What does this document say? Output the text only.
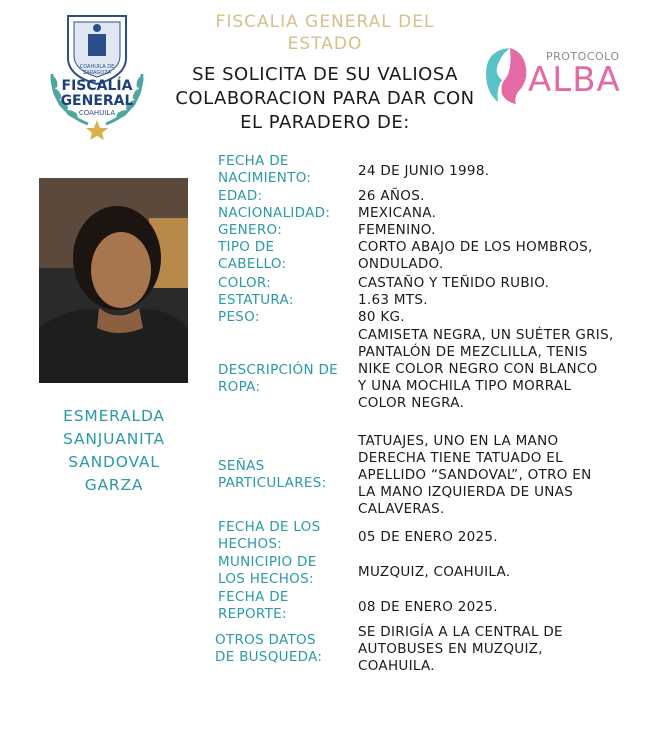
COAHUILA DE ZARAGOZA
FISCALÍA
GENERAL
COAHUILA
FISCALIA GENERAL DEL
ESTADO
SE SOLICITA DE SU VALIOSA
COLABORACION PARA DAR CON
EL PARADERO DE:
PROTOCOLO
ALBA
ESMERALDA
SANJUANITA
SANDOVAL
GARZA
FECHA DE
NACIMIENTO:
EDAD:
NACIONALIDAD:
GENERO:
TIPO DE
CABELLO:
COLOR:
ESTATURA:
PESO:
DESCRIPCIÓN DE
ROPA:
SEÑAS
PARTICULARES:
FECHA DE LOS
HECHOS:
MUNICIPIO DE
LOS HECHOS:
FECHA DE
REPORTE:
OTROS DATOS
DE BUSQUEDA:
24 DE JUNIO 1998.
26 AÑOS.
MEXICANA.
FEMENINO.
CORTO ABAJO DE LOS HOMBROS,
ONDULADO.
CASTAÑO Y TEÑIDO RUBIO.
1.63 MTS.
80 KG.
CAMISETA NEGRA, UN SUÉTER GRIS,
PANTALÓN DE MEZCLILLA, TENIS
NIKE COLOR NEGRO CON BLANCO
Y UNA MOCHILA TIPO MORRAL
COLOR NEGRA.
TATUAJES, UNO EN LA MANO
DERECHA TIENE TATUADO EL
APELLIDO “SANDOVAL”, OTRO EN
LA MANO IZQUIERDA DE UNAS
CALAVERAS.
05 DE ENERO 2025.
MUZQUIZ, COAHUILA.
08 DE ENERO 2025.
SE DIRIGÍA A LA CENTRAL DE
AUTOBUSES EN MUZQUIZ,
COAHUILA.
